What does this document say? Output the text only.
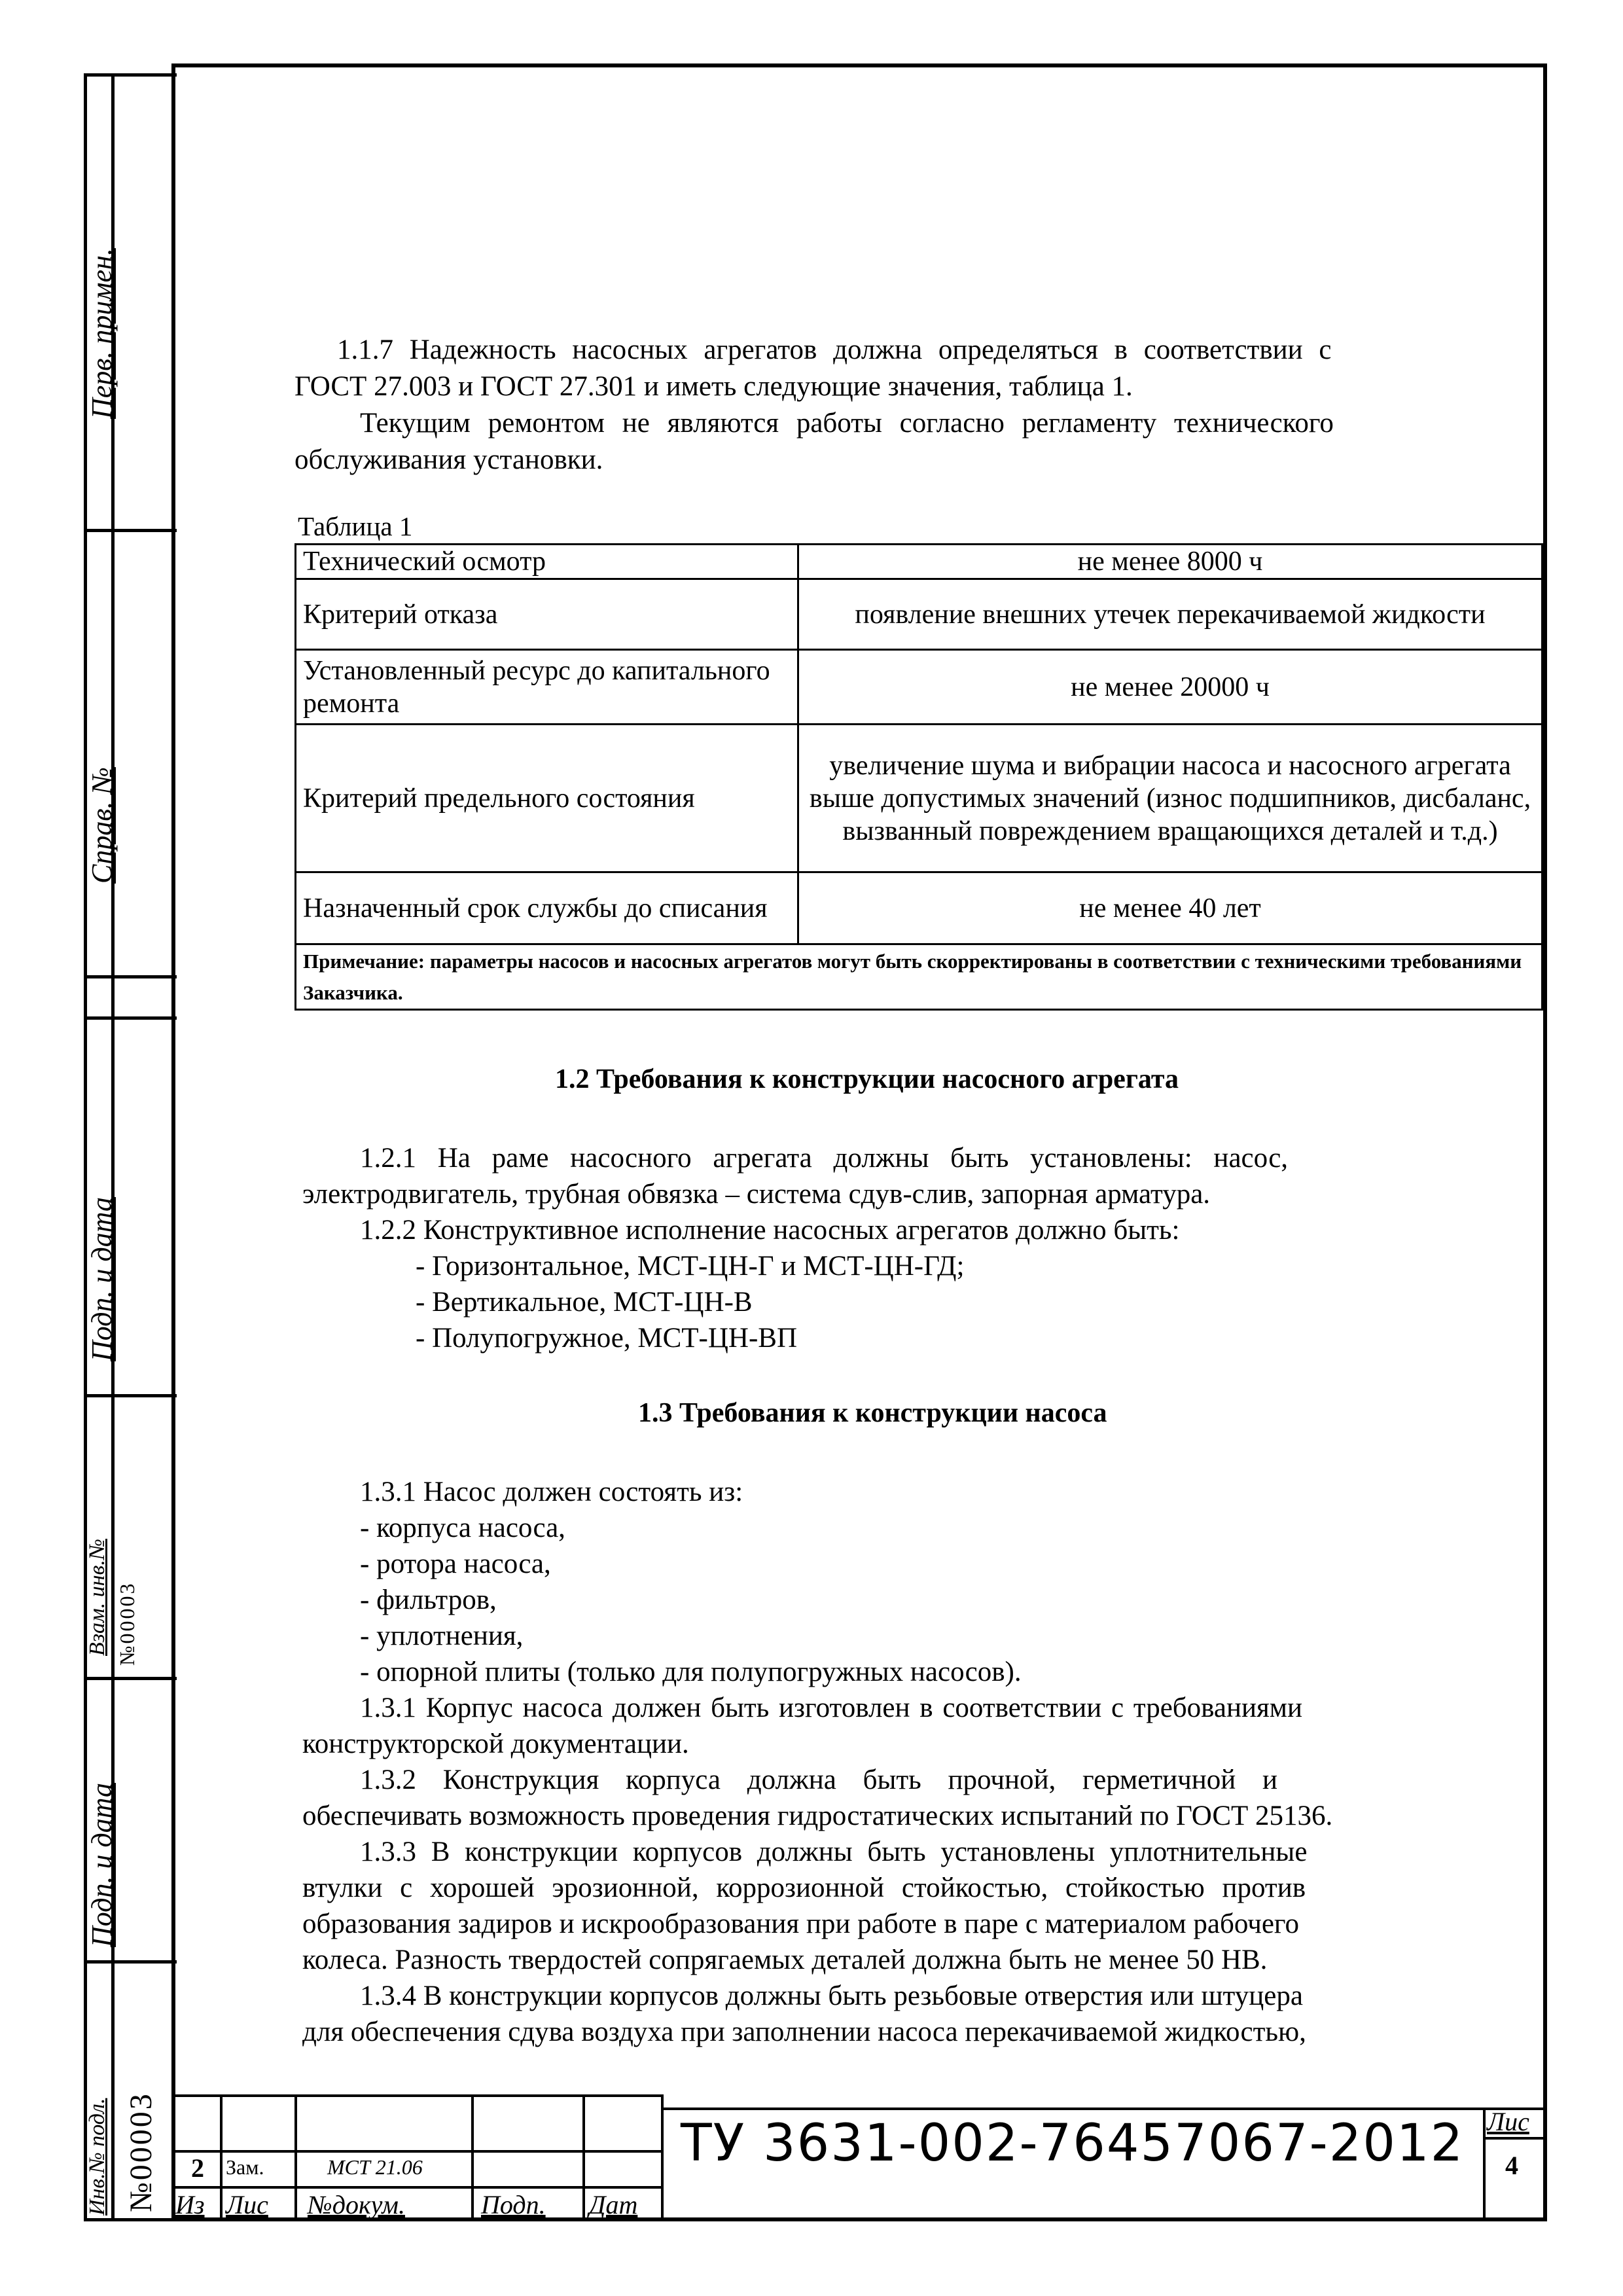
Перв. примен.
Справ. №
Подп. и дата
Взам. инв.№ №00003
Подп. и дата
Инв.№ подл. №00003
1.1.7 Надежность насосных агрегатов должна определяться в соответствии с
ГОСТ 27.003 и ГОСТ 27.301 и иметь следующие значения, таблица 1.
Текущим ремонтом не являются работы согласно регламенту технического
обслуживания установки.
Таблица 1
Технический осмотр	не менее 8000 ч
Критерий отказа	появление внешних утечек перекачиваемой жидкости
Установленный ресурс до капитального ремонта	не менее 20000 ч
Критерий предельного состояния	увеличение шума и вибрации насоса и насосного агрегата выше допустимых значений (износ подшипников, дисбаланс, вызванный повреждением вращающихся деталей и т.д.)
Назначенный срок службы до списания	не менее 40 лет
Примечание: параметры насосов и насосных агрегатов могут быть скорректированы в соответствии с техническими требованиями Заказчика.	
1.2 Требования к конструкции насосного агрегата
1.2.1 На раме насосного агрегата должны быть установлены: насос,
электродвигатель, трубная обвязка – система сдув-слив, запорная арматура.
1.2.2 Конструктивное исполнение насосных агрегатов должно быть:
- Горизонтальное, МСТ-ЦН-Г и МСТ-ЦН-ГД;
- Вертикальное, МСТ-ЦН-В
- Полупогружное, МСТ-ЦН-ВП
1.3 Требования к конструкции насоса
1.3.1 Насос должен состоять из:
- корпуса насоса,
- ротора насоса,
- фильтров,
- уплотнения,
- опорной плиты (только для полупогружных насосов).
1.3.1 Корпус насоса должен быть изготовлен в соответствии с требованиями
конструкторской документации.
1.3.2 Конструкция корпуса должна быть прочной, герметичной и
обеспечивать возможность проведения гидростатических испытаний по ГОСТ 25136.
1.3.3 В конструкции корпусов должны быть установлены уплотнительные
втулки с хорошей эрозионной, коррозионной стойкостью, стойкостью против
образования задиров и искрообразования при работе в паре с материалом рабочего
колеса. Разность твердостей сопрягаемых деталей должна быть не менее 50 НВ.
1.3.4 В конструкции корпусов должны быть резьбовые отверстия или штуцера
для обеспечения сдува воздуха при заполнении насоса перекачиваемой жидкостью,
2 Зам.	МСТ 21.06
Из Лис №докум.	Подп. Дат
ТУ 3631-002-76457067-2012 Лис
4
